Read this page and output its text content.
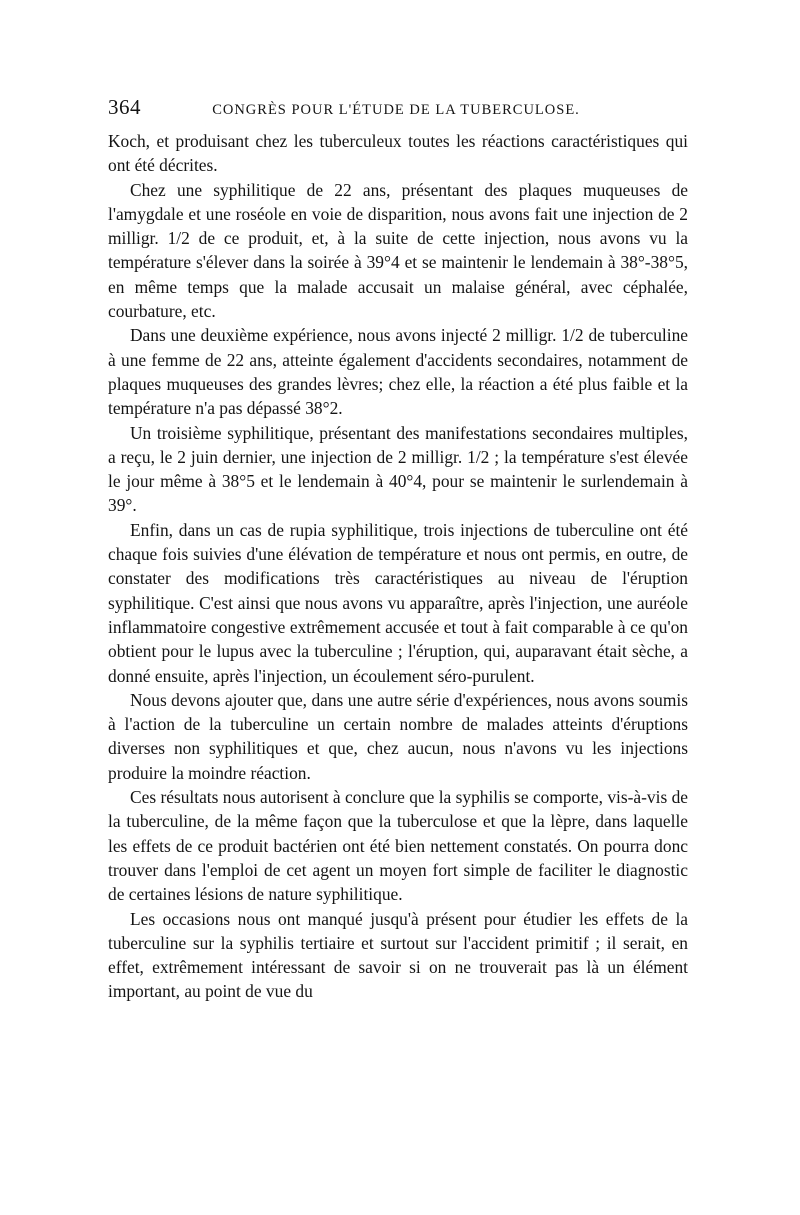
364	CONGRÈS POUR L'ÉTUDE DE LA TUBERCULOSE.

Koch, et produisant chez les tuberculeux toutes les réactions caractéristiques qui ont été décrites.

Chez une syphilitique de 22 ans, présentant des plaques muqueuses de l'amygdale et une roséole en voie de disparition, nous avons fait une injection de 2 milligr. 1/2 de ce produit, et, à la suite de cette injection, nous avons vu la température s'élever dans la soirée à 39°4 et se maintenir le lendemain à 38°-38°5, en même temps que la malade accusait un malaise général, avec céphalée, courbature, etc.

Dans une deuxième expérience, nous avons injecté 2 milligr. 1/2 de tuberculine à une femme de 22 ans, atteinte également d'accidents secondaires, notamment de plaques muqueuses des grandes lèvres; chez elle, la réaction a été plus faible et la température n'a pas dépassé 38°2.

Un troisième syphilitique, présentant des manifestations secondaires multiples, a reçu, le 2 juin dernier, une injection de 2 milligr. 1/2 ; la température s'est élevée le jour même à 38°5 et le lendemain à 40°4, pour se maintenir le surlendemain à 39°.

Enfin, dans un cas de rupia syphilitique, trois injections de tuberculine ont été chaque fois suivies d'une élévation de température et nous ont permis, en outre, de constater des modifications très caractéristiques au niveau de l'éruption syphilitique. C'est ainsi que nous avons vu apparaître, après l'injection, une auréole inflammatoire congestive extrêmement accusée et tout à fait comparable à ce qu'on obtient pour le lupus avec la tuberculine ; l'éruption, qui, auparavant était sèche, a donné ensuite, après l'injection, un écoulement séro-purulent.

Nous devons ajouter que, dans une autre série d'expériences, nous avons soumis à l'action de la tuberculine un certain nombre de malades atteints d'éruptions diverses non syphilitiques et que, chez aucun, nous n'avons vu les injections produire la moindre réaction.

Ces résultats nous autorisent à conclure que la syphilis se comporte, vis-à-vis de la tuberculine, de la même façon que la tuberculose et que la lèpre, dans laquelle les effets de ce produit bactérien ont été bien nettement constatés. On pourra donc trouver dans l'emploi de cet agent un moyen fort simple de faciliter le diagnostic de certaines lésions de nature syphilitique.

Les occasions nous ont manqué jusqu'à présent pour étudier les effets de la tuberculine sur la syphilis tertiaire et surtout sur l'accident primitif ; il serait, en effet, extrêmement intéressant de savoir si on ne trouverait pas là un élément important, au point de vue du
